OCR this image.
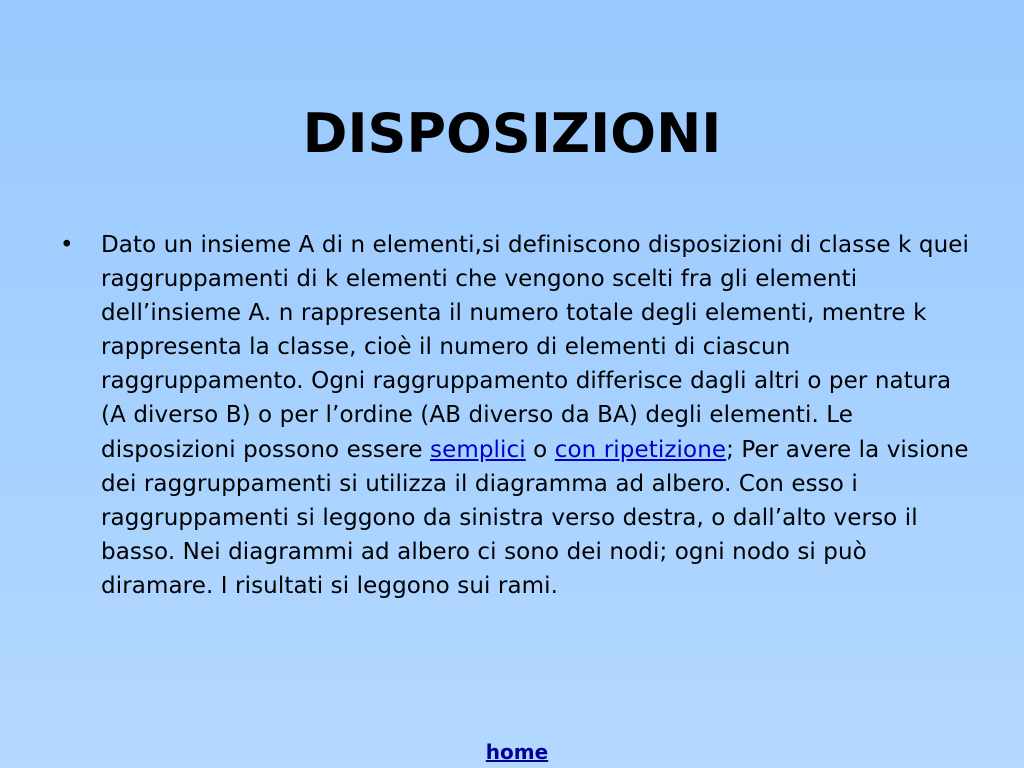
DISPOSIZIONI
• Dato un insieme A di n elementi,si definiscono disposizioni di classe k quei raggruppamenti di k elementi che vengono scelti fra gli elementi dell’insieme A. n rappresenta il numero totale degli elementi, mentre k rappresenta la classe, cioè il numero di elementi di ciascun raggruppamento. Ogni raggruppamento differisce dagli altri o per natura (A diverso B) o per l’ordine (AB diverso da BA) degli elementi. Le disposizioni possono essere semplici o con ripetizione; Per avere la visione dei raggruppamenti si utilizza il diagramma ad albero. Con esso i raggruppamenti si leggono da sinistra verso destra, o dall’alto verso il basso. Nei diagrammi ad albero ci sono dei nodi; ogni nodo si può diramare. I risultati si leggono sui rami.
home
